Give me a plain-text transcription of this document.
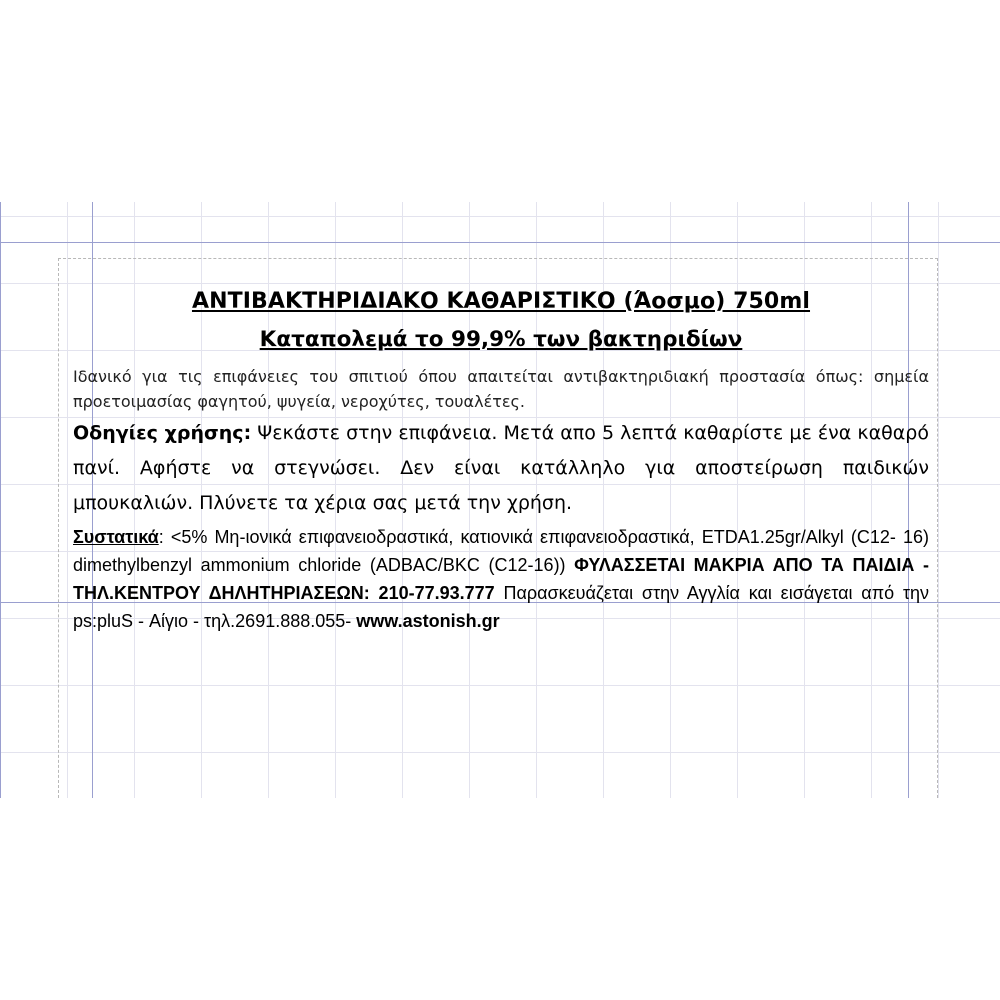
ΑΝΤΙΒΑΚΤΗΡΙΔΙΑΚΟ ΚΑΘΑΡΙΣΤΙΚΟ (Άοσμο) 750ml
Καταπολεμά το 99,9% των βακτηριδίων

Ιδανικό για τις επιφάνειες του σπιτιού όπου απαιτείται αντιβακτηριδιακή προστασία όπως: σημεία προετοιμασίας φαγητού, ψυγεία, νεροχύτες, τουαλέτες.

Οδηγίες χρήσης: Ψεκάστε στην επιφάνεια. Μετά απο 5 λεπτά καθαρίστε με ένα καθαρό πανί. Αφήστε να στεγνώσει. Δεν είναι κατάλληλο για αποστείρωση παιδικών μπουκαλιών. Πλύνετε τα χέρια σας μετά την χρήση.

Συστατικά: <5% Mη-ιονικά επιφανειοδραστικά, κατιονικά επιφανειοδραστικά, ETDA1.25gr/Alkyl (C12- 16) dimethylbenzyl ammonium chloride (ADBAC/BKC (C12-16)) ΦΥΛΑΣΣΕΤΑΙ ΜΑΚΡΙΑ ΑΠΟ ΤΑ ΠΑΙΔΙΑ - ΤΗΛ.ΚΕΝΤΡΟΥ ΔΗΛΗΤΗΡΙΑΣΕΩΝ: 210-77.93.777 Παρασκευάζεται στην Αγγλία και εισάγεται από την ps:pluS - Αίγιο - τηλ.2691.888.055- www.astonish.gr
